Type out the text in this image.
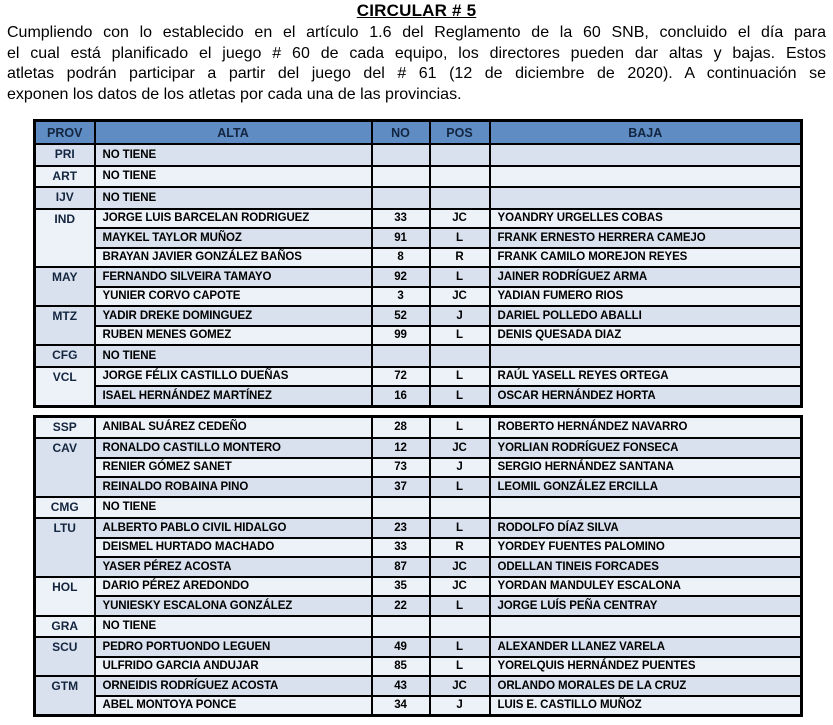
CIRCULAR # 5
Cumpliendo con lo establecido en el artículo 1.6 del Reglamento de la 60 SNB, concluido el día para
el cual está planificado el juego # 60 de cada equipo, los directores pueden dar altas y bajas. Estos
atletas podrán participar a partir del juego del # 61 (12 de diciembre de 2020). A continuación se
exponen los datos de los atletas por cada una de las provincias.
PROV	ALTA	NO	POS	BAJA
PRI	NO TIENE			
ART	NO TIENE			
IJV	NO TIENE			
IND	JORGE LUIS BARCELAN RODRIGUEZ	33	JC	YOANDRY URGELLES COBAS
	MAYKEL TAYLOR MUÑOZ	91	L	FRANK ERNESTO HERRERA CAMEJO
	BRAYAN JAVIER GONZÁLEZ BAÑOS	8	R	FRANK CAMILO MOREJON REYES
MAY	FERNANDO SILVEIRA TAMAYO	92	L	JAINER RODRÍGUEZ ARMA
	YUNIER CORVO CAPOTE	3	JC	YADIAN FUMERO RIOS
MTZ	YADIR DREKE DOMINGUEZ	52	J	DARIEL POLLEDO ABALLI
	RUBEN MENES GOMEZ	99	L	DENIS QUESADA DIAZ
CFG	NO TIENE			
VCL	JORGE FÉLIX CASTILLO DUEÑAS	72	L	RAÚL YASELL REYES ORTEGA
	ISAEL HERNÁNDEZ MARTÍNEZ	16	L	OSCAR HERNÁNDEZ HORTA
SSP	ANIBAL SUÁREZ CEDEÑO	28	L	ROBERTO HERNÁNDEZ NAVARRO
CAV	RONALDO CASTILLO MONTERO	12	JC	YORLIAN RODRÍGUEZ FONSECA
	RENIER GÓMEZ SANET	73	J	SERGIO HERNÁNDEZ SANTANA
	REINALDO ROBAINA PINO	37	L	LEOMIL GONZÁLEZ ERCILLA
CMG	NO TIENE			
LTU	ALBERTO PABLO CIVIL HIDALGO	23	L	RODOLFO DÍAZ SILVA
	DEISMEL HURTADO MACHADO	33	R	YORDEY FUENTES PALOMINO
	YASER PÉREZ ACOSTA	87	JC	ODELLAN TINEIS FORCADES
HOL	DARIO PÉREZ AREDONDO	35	JC	YORDAN MANDULEY ESCALONA
	YUNIESKY ESCALONA GONZÁLEZ	22	L	JORGE LUÍS PEÑA CENTRAY
GRA	NO TIENE			
SCU	PEDRO PORTUONDO LEGUEN	49	L	ALEXANDER LLANEZ VARELA
	ULFRIDO GARCIA ANDUJAR	85	L	YORELQUIS HERNÁNDEZ PUENTES
GTM	ORNEIDIS RODRÍGUEZ ACOSTA	43	JC	ORLANDO MORALES DE LA CRUZ
	ABEL MONTOYA PONCE	34	J	LUIS E. CASTILLO MUÑOZ
